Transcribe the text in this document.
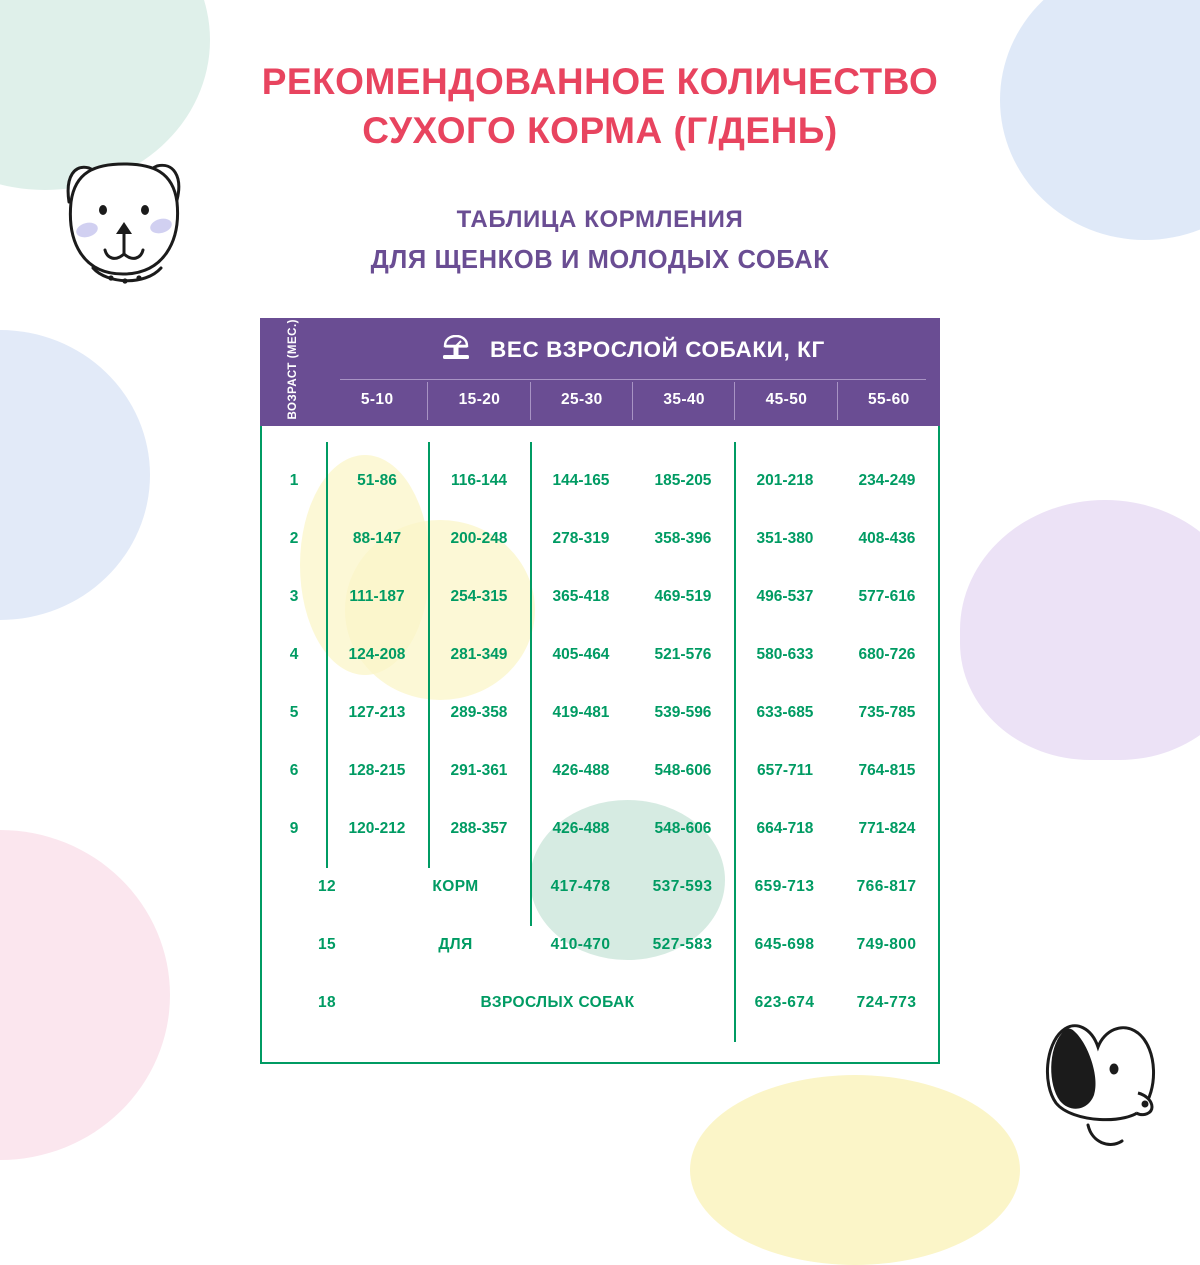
РЕКОМЕНДОВАННОЕ КОЛИЧЕСТВО СУХОГО КОРМА (Г/ДЕНЬ)
ТАБЛИЦА КОРМЛЕНИЯ
ДЛЯ ЩЕНКОВ И МОЛОДЫХ СОБАК
ВОЗРАСТ (МЕС.)	ВЕС ВЗРОСЛОЙ СОБАКИ, КГ					

	5-10	15-20	25-30	35-40	45-50	55-60
1	51-86	116-144	144-165	185-205	201-218	234-249
2	88-147	200-248	278-319	358-396	351-380	408-436
3	111-187	254-315	365-418	469-519	496-537	577-616
4	124-208	281-349	405-464	521-576	580-633	680-726
5	127-213	289-358	419-481	539-596	633-685	735-785
6	128-215	291-361	426-488	548-606	657-711	764-815
9	120-212	288-357	426-488	548-606	664-718	771-824
12	КОРМ		417-478	537-593	659-713	766-817
15	ДЛЯ		410-470	527-583	645-698	749-800
18	ВЗРОСЛЫХ СОБАК				623-674	724-773
